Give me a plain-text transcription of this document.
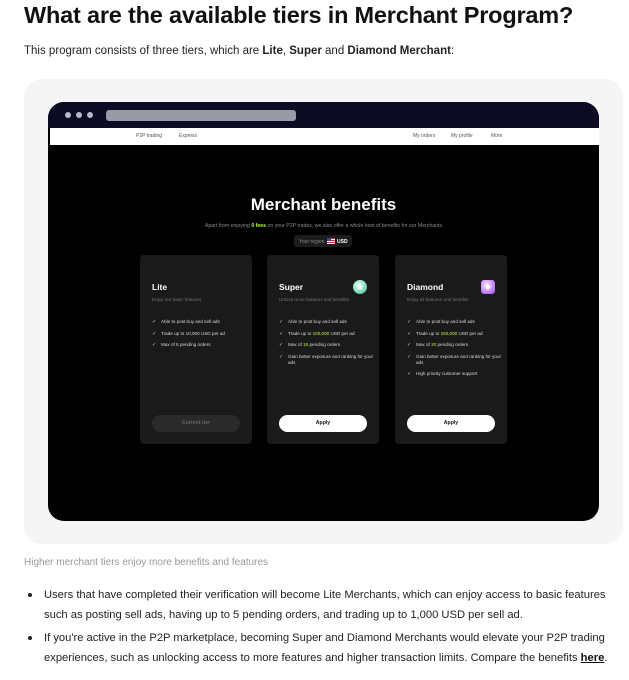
What are the available tiers in Merchant Program?
This program consists of three tiers, which are Lite, Super and Diamond Merchant:
P2P trading	Express	My orders	My profile	More
Merchant benefits
Apart from enjoying 0 fees on your P2P trades, we also offer a whole host of benefits for our Merchants
Your region	USD
Lite
Enjoy our basic features
✓ Able to post buy and sell ads
✓ Trade up to 10,000 USD per ad
✓ Max of 5 pending orders
Current tier
Super
★
Unlock more features and benefits
✓ Able to post buy and sell ads
✓ Trade up to 100,000 USD per ad
✓ Max of 15 pending orders
✓ Gain better exposure and ranking for your ads
Apply
Diamond
◆
Enjoy all features and benefits
✓ Able to post buy and sell ads
✓ Trade up to 150,000 USD per ad
✓ Max of 20 pending orders
✓ Gain better exposure and ranking for your ads
✓ High priority customer support
Apply
Higher merchant tiers enjoy more benefits and features
Users that have completed their verification will become Lite Merchants, which can enjoy access to basic features such as posting sell ads, having up to 5 pending orders, and trading up to 1,000 USD per sell ad.
If you're active in the P2P marketplace, becoming Super and Diamond Merchants would elevate your P2P trading experiences, such as unlocking access to more features and higher transaction limits. Compare the benefits here.
